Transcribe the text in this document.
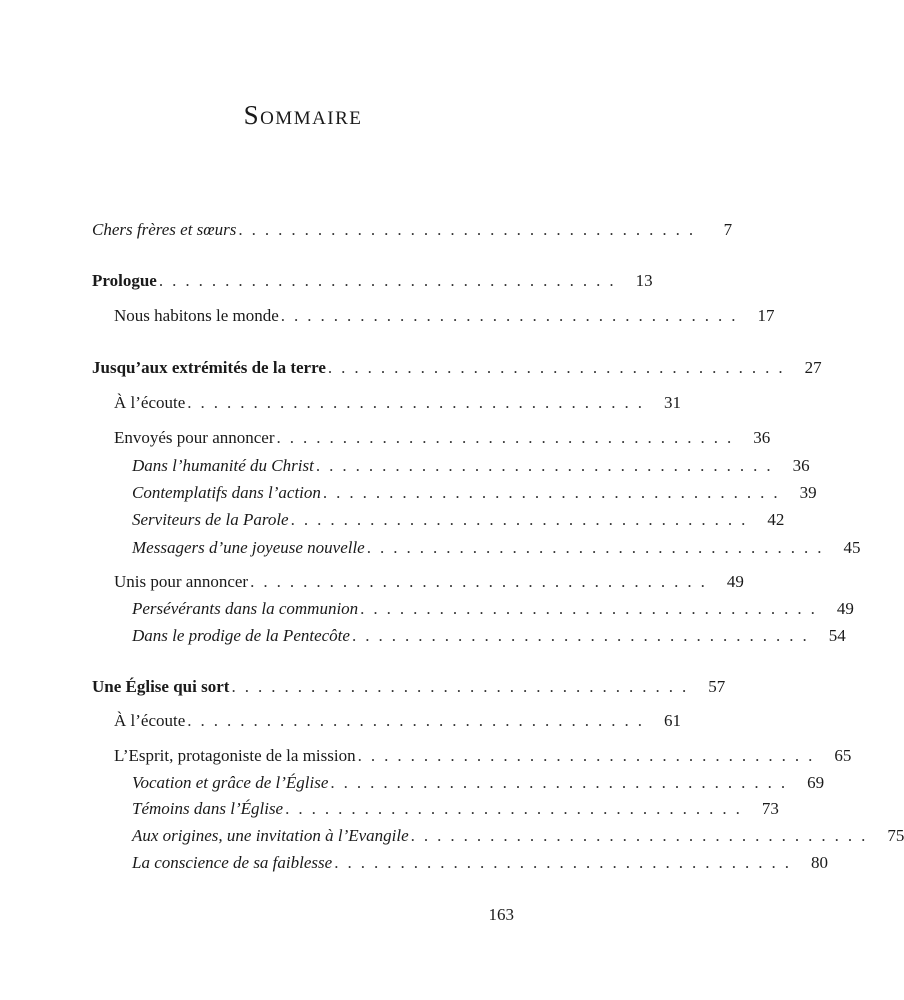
Sommaire
Chers frères et sœurs ...................................	7
Prologue ................................... 13
Nous habitons le monde ................................... 17
Jusqu’aux extrémités de la terre ................................... 27
À l’écoute ................................... 31
Envoyés pour annoncer ................................... 36
Dans l’humanité du Christ ................................... 36
Contemplatifs dans l’action ................................... 39
Serviteurs de la Parole ................................... 42
Messagers d’une joyeuse nouvelle ................................... 45
Unis pour annoncer ................................... 49
Persévérants dans la communion ................................... 49
Dans le prodige de la Pentecôte ................................... 54
Une Église qui sort ................................... 57
À l’écoute ................................... 61
L’Esprit, protagoniste de la mission ................................... 65
Vocation et grâce de l’Église ................................... 69
Témoins dans l’Église ................................... 73
Aux origines, une invitation à l’Evangile ................................... 75
La conscience de sa faiblesse ................................... 80
163
